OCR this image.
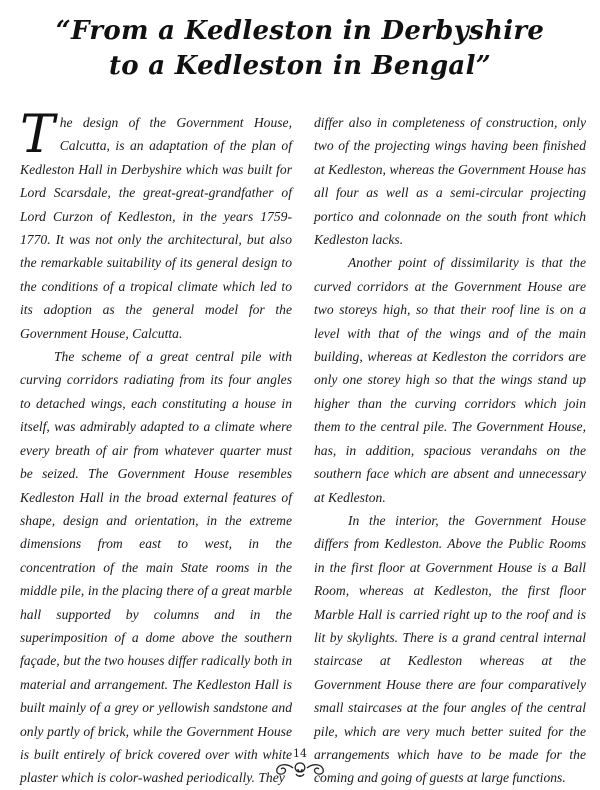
“From a Kedleston in Derbyshire
to a Kedleston in Bengal”

The design of the Government House, Calcutta, is an adaptation of the plan of Kedleston Hall in Derbyshire which was built for Lord Scarsdale, the great-great-grandfather of Lord Curzon of Kedleston, in the years 1759-1770. It was not only the architectural, but also the remarkable suitability of its general design to the conditions of a tropical climate which led to its adoption as the general model for the Government House, Calcutta.

The scheme of a great central pile with curving corridors radiating from its four angles to detached wings, each constituting a house in itself, was admirably adapted to a climate where every breath of air from whatever quarter must be seized. The Government House resembles Kedleston Hall in the broad external features of shape, design and orientation, in the extreme dimensions from east to west, in the concentration of the main State rooms in the middle pile, in the placing there of a great marble hall supported by columns and in the superimposition of a dome above the southern façade, but the two houses differ radically both in material and arrangement. The Kedleston Hall is built mainly of a grey or yellowish sandstone and only partly of brick, while the Government House is built entirely of brick covered over with white plaster which is color-washed periodically. They

differ also in completeness of construction, only two of the projecting wings having been finished at Kedleston, whereas the Government House has all four as well as a semi-circular projecting portico and colonnade on the south front which Kedleston lacks.

Another point of dissimilarity is that the curved corridors at the Government House are two storeys high, so that their roof line is on a level with that of the wings and of the main building, whereas at Kedleston the corridors are only one storey high so that the wings stand up higher than the curving corridors which join them to the central pile. The Government House, has, in addition, spacious verandahs on the southern face which are absent and unnecessary at Kedleston.

In the interior, the Government House differs from Kedleston. Above the Public Rooms in the first floor at Government House is a Ball Room, whereas at Kedleston, the first floor Marble Hall is carried right up to the roof and is lit by skylights. There is a grand central internal staircase at Kedleston whereas at the Government House there are four comparatively small staircases at the four angles of the central pile, which are very much better suited for the arrangements which have to be made for the coming and going of guests at large functions.

14
